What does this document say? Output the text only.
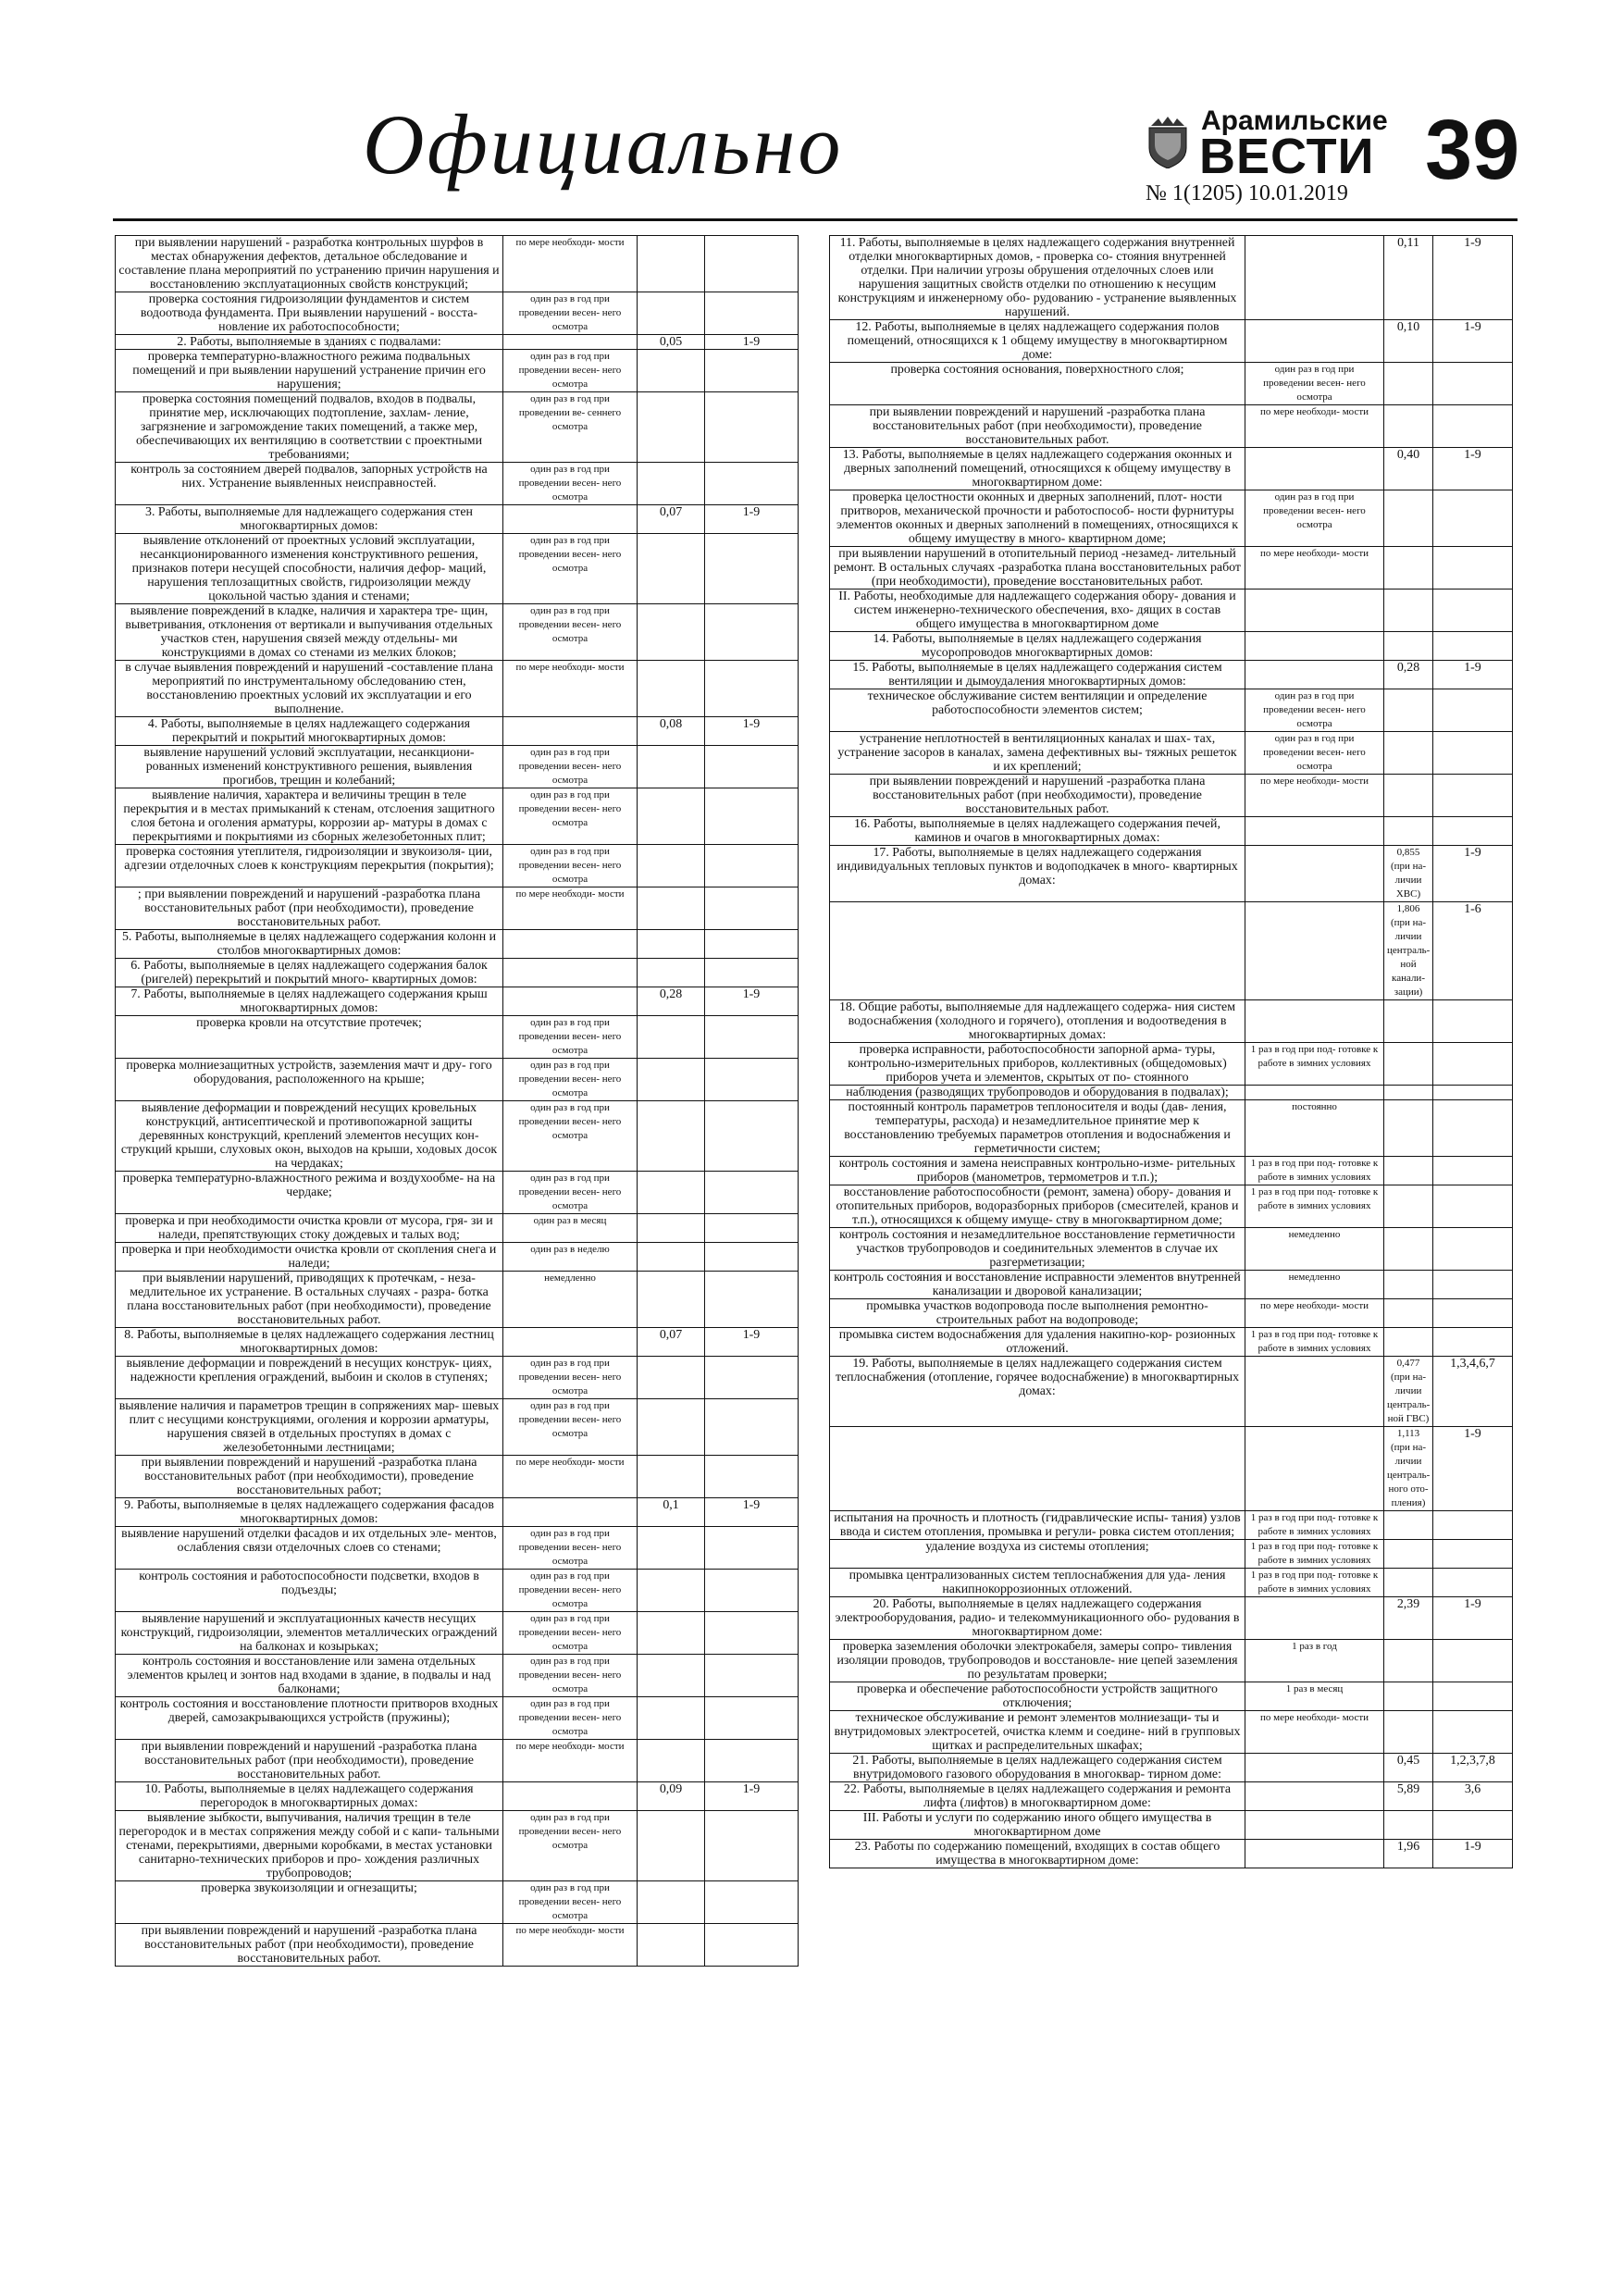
Официально	Арамильские
ВЕСТИ
№ 1(1205) 10.01.2019 39
при выявлении нарушений - разработка контрольных шурфов в местах обнаружения дефектов, детальное обследование и составление плана мероприятий по устранению причин нарушения и восстановлению эксплуатационных свойств конструкций;	по мере необходи- мости		
проверка состояния гидроизоляции фундаментов и систем водоотвода фундамента. При выявлении нарушений - восста- новление их работоспособности;	один раз в год при проведении весен- него осмотра		
2. Работы, выполняемые в зданиях с подвалами:		0,05	1-9
проверка температурно-влажностного режима подвальных помещений и при выявлении нарушений устранение причин его нарушения;	один раз в год при проведении весен- него осмотра		
проверка состояния помещений подвалов, входов в подвалы, принятие мер, исключающих подтопление, захлам- ление, загрязнение и загромождение таких помещений, а также мер, обеспечивающих их вентиляцию в соответствии с проектными требованиями;	один раз в год при проведении ве- сеннего осмотра		
контроль за состоянием дверей подвалов, запорных устройств на них. Устранение выявленных неисправностей.	один раз в год при проведении весен- него осмотра		
3. Работы, выполняемые для надлежащего содержания стен многоквартирных домов:		0,07	1-9
выявление отклонений от проектных условий эксплуатации, несанкционированного изменения конструктивного решения, признаков потери несущей способности, наличия дефор- маций, нарушения теплозащитных свойств, гидроизоляции между цокольной частью здания и стенами;	один раз в год при проведении весен- него осмотра		
выявление повреждений в кладке, наличия и характера тре- щин, выветривания, отклонения от вертикали и выпучивания отдельных участков стен, нарушения связей между отдельны- ми конструкциями в домах со стенами из мелких блоков;	один раз в год при проведении весен- него осмотра		
в случае выявления повреждений и нарушений -составление плана мероприятий по инструментальному обследованию стен, восстановлению проектных условий их эксплуатации и его выполнение.	по мере необходи- мости		
4. Работы, выполняемые в целях надлежащего содержания перекрытий и покрытий многоквартирных домов:		0,08	1-9
выявление нарушений условий эксплуатации, несанкциони- рованных изменений конструктивного решения, выявления прогибов, трещин и колебаний;	один раз в год при проведении весен- него осмотра		
выявление наличия, характера и величины трещин в теле перекрытия и в местах примыканий к стенам, отслоения защитного слоя бетона и оголения арматуры, коррозии ар- матуры в домах с перекрытиями и покрытиями из сборных железобетонных плит;	один раз в год при проведении весен- него осмотра		
проверка состояния утеплителя, гидроизоляции и звукоизоля- ции, адгезии отделочных слоев к конструкциям перекрытия (покрытия);	один раз в год при проведении весен- него осмотра		
; при выявлении повреждений и нарушений -разработка плана восстановительных работ (при необходимости), проведение восстановительных работ.	по мере необходи- мости		
5. Работы, выполняемые в целях надлежащего содержания колонн и столбов многоквартирных домов:			
6. Работы, выполняемые в целях надлежащего содержания балок (ригелей) перекрытий и покрытий много- квартирных домов:			
7. Работы, выполняемые в целях надлежащего содержания крыш многоквартирных домов:		0,28	1-9
проверка кровли на отсутствие протечек;	один раз в год при проведении весен- него осмотра		
проверка молниезащитных устройств, заземления мачт и дру- гого оборудования, расположенного на крыше;	один раз в год при проведении весен- него осмотра		
выявление деформации и повреждений несущих кровельных конструкций, антисептической и противопожарной защиты деревянных конструкций, креплений элементов несущих кон- струкций крыши, слуховых окон, выходов на крыши, ходовых досок на чердаках;	один раз в год при проведении весен- него осмотра		
проверка температурно-влажностного режима и воздухообме- на на чердаке;	один раз в год при проведении весен- него осмотра		
проверка и при необходимости очистка кровли от мусора, гря- зи и наледи, препятствующих стоку дождевых и талых вод;	один раз в месяц		
проверка и при необходимости очистка кровли от скопления снега и наледи;	один раз в неделю		
при выявлении нарушений, приводящих к протечкам, - неза- медлительное их устранение. В остальных случаях - разра- ботка плана восстановительных работ (при необходимости), проведение восстановительных работ.	немедленно		
8. Работы, выполняемые в целях надлежащего содержания лестниц многоквартирных домов:		0,07	1-9
выявление деформации и повреждений в несущих конструк- циях, надежности крепления ограждений, выбоин и сколов в ступенях;	один раз в год при проведении весен- него осмотра		
выявление наличия и параметров трещин в сопряжениях мар- шевых плит с несущими конструкциями, оголения и коррозии арматуры, нарушения связей в отдельных проступях в домах с железобетонными лестницами;	один раз в год при проведении весен- него осмотра		
при выявлении повреждений и нарушений -разработка плана восстановительных работ (при необходимости), проведение восстановительных работ;	по мере необходи- мости		
9. Работы, выполняемые в целях надлежащего содержания фасадов многоквартирных домов:		0,1	1-9
выявление нарушений отделки фасадов и их отдельных эле- ментов, ослабления связи отделочных слоев со стенами;	один раз в год при проведении весен- него осмотра		
контроль состояния и работоспособности подсветки, входов в подъезды;	один раз в год при проведении весен- него осмотра		
выявление нарушений и эксплуатационных качеств несущих конструкций, гидроизоляции, элементов металлических ограждений на балконах и козырьках;	один раз в год при проведении весен- него осмотра		
контроль состояния и восстановление или замена отдельных элементов крылец и зонтов над входами в здание, в подвалы и над балконами;	один раз в год при проведении весен- него осмотра		
контроль состояния и восстановление плотности притворов входных дверей, самозакрывающихся устройств (пружины);	один раз в год при проведении весен- него осмотра		
при выявлении повреждений и нарушений -разработка плана восстановительных работ (при необходимости), проведение восстановительных работ.	по мере необходи- мости		
10. Работы, выполняемые в целях надлежащего содержания перегородок в многоквартирных домах:		0,09	1-9
выявление зыбкости, выпучивания, наличия трещин в теле перегородок и в местах сопряжения между собой и с капи- тальными стенами, перекрытиями, дверными коробками, в местах установки санитарно-технических приборов и про- хождения различных трубопроводов;	один раз в год при проведении весен- него осмотра		
проверка звукоизоляции и огнезащиты;	один раз в год при проведении весен- него осмотра		
при выявлении повреждений и нарушений -разработка плана восстановительных работ (при необходимости), проведение восстановительных работ.	по мере необходи- мости		
11. Работы, выполняемые в целях надлежащего содержания внутренней отделки многоквартирных домов, - проверка со- стояния внутренней отделки. При наличии угрозы обрушения отделочных слоев или нарушения защитных свойств отделки по отношению к несущим конструкциям и инженерному обо- рудованию - устранение выявленных нарушений.		0,11	1-9
12. Работы, выполняемые в целях надлежащего содержания полов помещений, относящихся к 1 общему имуществу в многоквартирном доме:		0,10	1-9
проверка состояния основания, поверхностного слоя;	один раз в год при проведении весен- него осмотра		
при выявлении повреждений и нарушений -разработка плана восстановительных работ (при необходимости), проведение восстановительных работ.	по мере необходи- мости		
13. Работы, выполняемые в целях надлежащего содержания оконных и дверных заполнений помещений, относящихся к общему имуществу в многоквартирном доме:		0,40	1-9
проверка целостности оконных и дверных заполнений, плот- ности притворов, механической прочности и работоспособ- ности фурнитуры элементов оконных и дверных заполнений в помещениях, относящихся к общему имуществу в много- квартирном доме;	один раз в год при проведении весен- него осмотра		
при выявлении нарушений в отопительный период -незамед- лительный ремонт. В остальных случаях -разработка плана восстановительных работ (при необходимости), проведение восстановительных работ.	по мере необходи- мости		
II. Работы, необходимые для надлежащего содержания обору- дования и систем инженерно-технического обеспечения, вхо- дящих в состав общего имущества в многоквартирном доме			
14. Работы, выполняемые в целях надлежащего содержания мусоропроводов многоквартирных домов:			
15. Работы, выполняемые в целях надлежащего содержания систем вентиляции и дымоудаления многоквартирных домов:		0,28	1-9
техническое обслуживание систем вентиляции и определение работоспособности элементов систем;	один раз в год при проведении весен- него осмотра		
устранение неплотностей в вентиляционных каналах и шах- тах, устранение засоров в каналах, замена дефективных вы- тяжных решеток и их креплений;	один раз в год при проведении весен- него осмотра		
при выявлении повреждений и нарушений -разработка плана восстановительных работ (при необходимости), проведение восстановительных работ.	по мере необходи- мости		
16. Работы, выполняемые в целях надлежащего содержания печей, каминов и очагов в многоквартирных домах:			
17. Работы, выполняемые в целях надлежащего содержания индивидуальных тепловых пунктов и водоподкачек в много- квартирных домах:		0,855 (при на- личии ХВС)	1-9
		1,806 (при на- личии централь- ной канали- зации)	1-6
18. Общие работы, выполняемые для надлежащего содержа- ния систем водоснабжения (холодного и горячего), отопления и водоотведения в многоквартирных домах:			
проверка исправности, работоспособности запорной арма- туры, контрольно-измерительных приборов, коллективных (общедомовых) приборов учета и элементов, скрытых от по- стоянного	1 раз в год при под- готовке к работе в зимних условиях		
наблюдения (разводящих трубопроводов и оборудования в подвалах);			
постоянный контроль параметров теплоносителя и воды (дав- ления, температуры, расхода) и незамедлительное принятие мер к восстановлению требуемых параметров отопления и водоснабжения и герметичности систем;	постоянно		
контроль состояния и замена неисправных контрольно-изме- рительных приборов (манометров, термометров и т.п.);	1 раз в год при под- готовке к работе в зимних условиях		
восстановление работоспособности (ремонт, замена) обору- дования и отопительных приборов, водоразборных приборов (смесителей, кранов и т.п.), относящихся к общему имуще- ству в многоквартирном доме;	1 раз в год при под- готовке к работе в зимних условиях		
контроль состояния и незамедлительное восстановление герметичности участков трубопроводов и соединительных элементов в случае их разгерметизации;	немедленно		
контроль состояния и восстановление исправности элементов внутренней канализации и дворовой канализации;	немедленно		
промывка участков водопровода после выполнения ремонтно- строительных работ на водопроводе;	по мере необходи- мости		
промывка систем водоснабжения для удаления накипно-кор- розионных отложений.	1 раз в год при под- готовке к работе в зимних условиях		
19. Работы, выполняемые в целях надлежащего содержания систем теплоснабжения (отопление, горячее водоснабжение) в многоквартирных домах:		0,477 (при на- личии централь- ной ГВС)	1,3,4,6,7
		1,113 (при на- личии централь- ного ото- пления)	1-9
испытания на прочность и плотность (гидравлические испы- тания) узлов ввода и систем отопления, промывка и регули- ровка систем отопления;	1 раз в год при под- готовке к работе в зимних условиях		
удаление воздуха из системы отопления;	1 раз в год при под- готовке к работе в зимних условиях		
промывка централизованных систем теплоснабжения для уда- ления накипнокоррозионных отложений.	1 раз в год при под- готовке к работе в зимних условиях		
20. Работы, выполняемые в целях надлежащего содержания электрооборудования, радио- и телекоммуникационного обо- рудования в многоквартирном доме:		2,39	1-9
проверка заземления оболочки электрокабеля, замеры сопро- тивления изоляции проводов, трубопроводов и восстановле- ние цепей заземления по результатам проверки;	1 раз в год		
проверка и обеспечение работоспособности устройств защитного отключения;	1 раз в месяц		
техническое обслуживание и ремонт элементов молниезащи- ты и внутридомовых электросетей, очистка клемм и соедине- ний в групповых щитках и распределительных шкафах;	по мере необходи- мости		
21. Работы, выполняемые в целях надлежащего содержания систем внутридомового газового оборудования в многоквар- тирном доме:		0,45	1,2,3,7,8
22. Работы, выполняемые в целях надлежащего содержания и ремонта лифта (лифтов) в многоквартирном доме:		5,89	3,6
III. Работы и услуги по содержанию иного общего имущества в многоквартирном доме			
23. Работы по содержанию помещений, входящих в состав общего имущества в многоквартирном доме:		1,96	1-9
